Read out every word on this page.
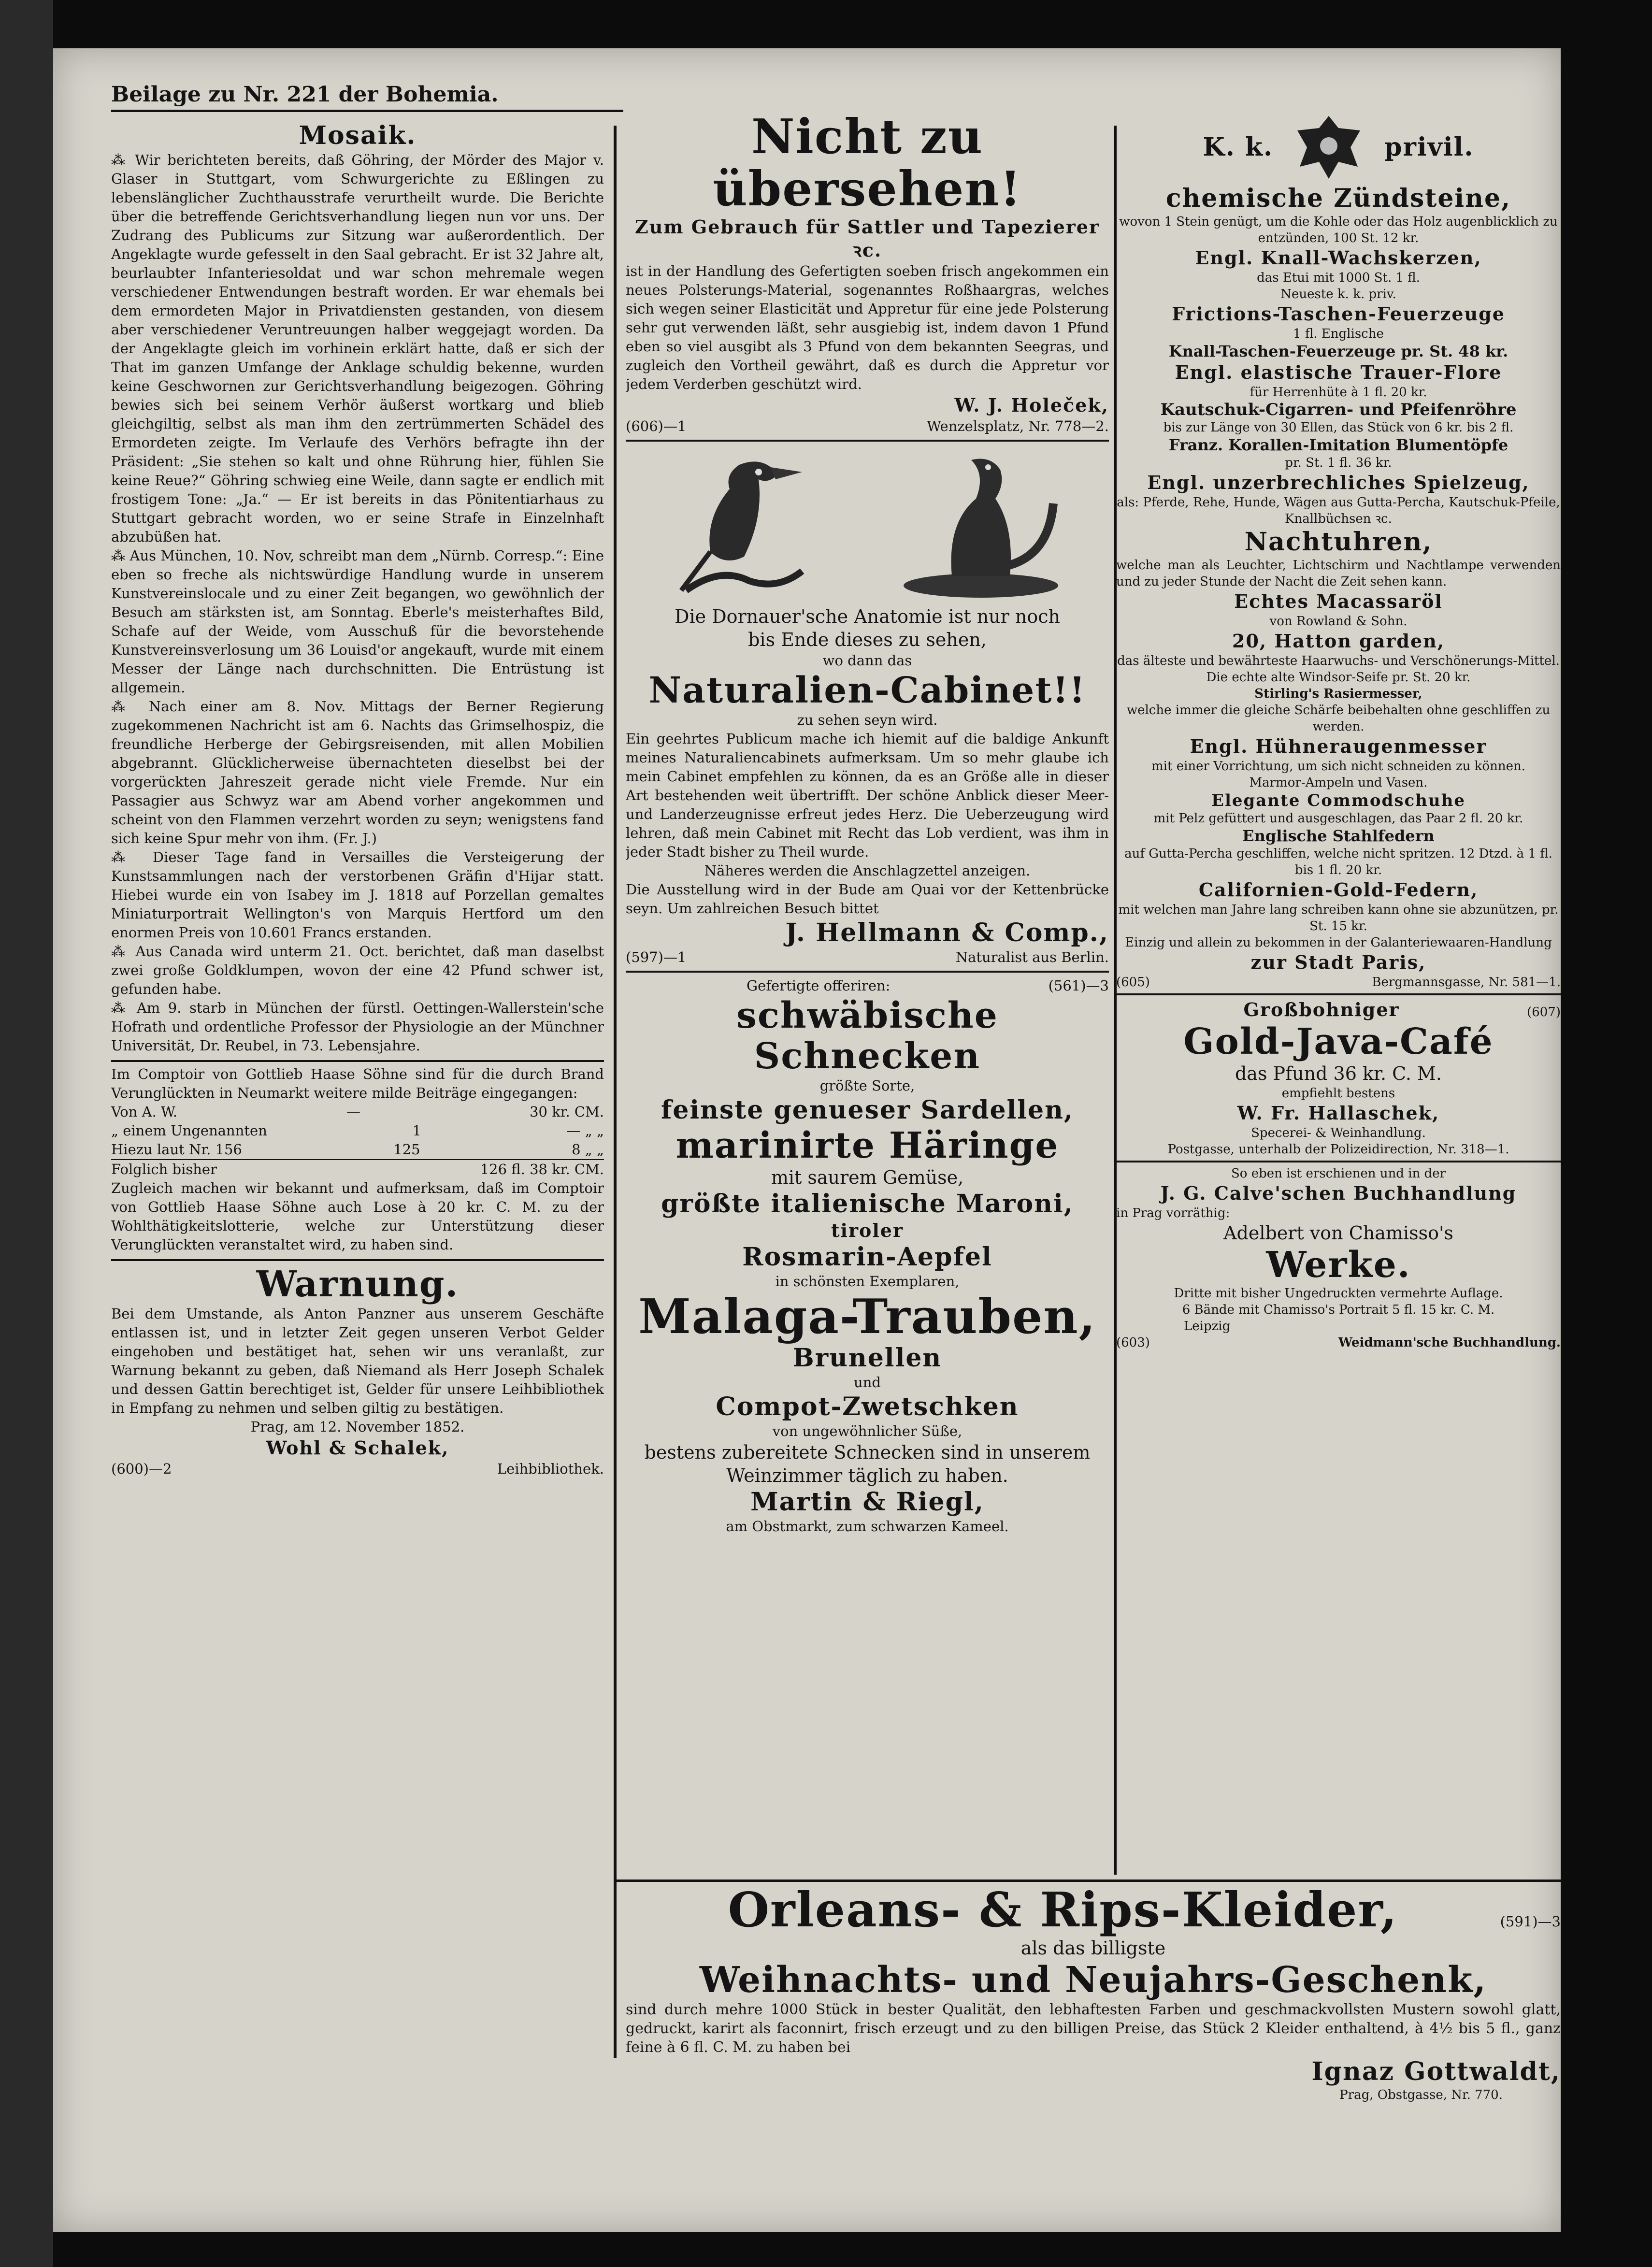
Beilage zu Nr. 221 der Bohemia.
Mosaik.

⁂ Wir berichteten bereits, daß Göhring, der Mörder des Major v. Glaser in Stuttgart, vom Schwurgerichte zu Eßlingen zu lebenslänglicher Zuchthausstrafe verurtheilt wurde. Die Berichte über die betreffende Gerichtsverhandlung liegen nun vor uns. Der Zudrang des Publicums zur Sitzung war außerordentlich. Der Angeklagte wurde gefesselt in den Saal gebracht. Er ist 32 Jahre alt, beurlaubter Infanteriesoldat und war schon mehremale wegen verschiedener Entwendungen bestraft worden. Er war ehemals bei dem ermordeten Major in Privatdiensten gestanden, von diesem aber verschiedener Veruntreuungen halber weggejagt worden. Da der Angeklagte gleich im vorhinein erklärt hatte, daß er sich der That im ganzen Umfange der Anklage schuldig bekenne, wurden keine Geschwornen zur Gerichtsverhandlung beigezogen. Göhring bewies sich bei seinem Verhör äußerst wortkarg und blieb gleichgiltig, selbst als man ihm den zertrümmerten Schädel des Ermordeten zeigte. Im Verlaufe des Verhörs befragte ihn der Präsident: „Sie stehen so kalt und ohne Rührung hier, fühlen Sie keine Reue?“ Göhring schwieg eine Weile, dann sagte er endlich mit frostigem Tone: „Ja.“ — Er ist bereits in das Pönitentiarhaus zu Stuttgart gebracht worden, wo er seine Strafe in Einzelnhaft abzubüßen hat.

⁂ Aus München, 10. Nov, schreibt man dem „Nürnb. Corresp.“: Eine eben so freche als nichtswürdige Handlung wurde in unserem Kunstvereinslocale und zu einer Zeit begangen, wo gewöhnlich der Besuch am stärksten ist, am Sonntag. Eberle's meisterhaftes Bild, Schafe auf der Weide, vom Ausschuß für die bevorstehende Kunstvereinsverlosung um 36 Louisd'or angekauft, wurde mit einem Messer der Länge nach durchschnitten. Die Entrüstung ist allgemein.

⁂ Nach einer am 8. Nov. Mittags der Berner Regierung zugekommenen Nachricht ist am 6. Nachts das Grimselhospiz, die freundliche Herberge der Gebirgsreisenden, mit allen Mobilien abgebrannt. Glücklicherweise übernachteten dieselbst bei der vorgerückten Jahreszeit gerade nicht viele Fremde. Nur ein Passagier aus Schwyz war am Abend vorher angekommen und scheint von den Flammen verzehrt worden zu seyn; wenigstens fand sich keine Spur mehr von ihm. (Fr. J.)

⁂ Dieser Tage fand in Versailles die Versteigerung der Kunstsammlungen nach der verstorbenen Gräfin d'Hijar statt. Hiebei wurde ein von Isabey im J. 1818 auf Porzellan gemaltes Miniaturportrait Wellington's von Marquis Hertford um den enormen Preis von 10.601 Francs erstanden.

⁂ Aus Canada wird unterm 21. Oct. berichtet, daß man daselbst zwei große Goldklumpen, wovon der eine 42 Pfund schwer ist, gefunden habe.

⁂ Am 9. starb in München der fürstl. Oettingen-Wallerstein'sche Hofrath und ordentliche Professor der Physiologie an der Münchner Universität, Dr. Reubel, in 73. Lebensjahre.

Im Comptoir von Gottlieb Haase Söhne sind für die durch Brand Verunglückten in Neumarkt weitere milde Beiträge eingegangen:

Von A. W.	—	30 kr. CM.
„ einem Ungenannten	1	— „ „
Hiezu laut Nr. 156	125	8 „ „
Folglich bisher	126 fl. 38 kr. CM.

Zugleich machen wir bekannt und aufmerksam, daß im Comptoir von Gottlieb Haase Söhne auch Lose à 20 kr. C. M. zu der Wohlthätigkeitslotterie, welche zur Unterstützung dieser Verunglückten veranstaltet wird, zu haben sind.

Warnung.

Bei dem Umstande, als Anton Panzner aus unserem Geschäfte entlassen ist, und in letzter Zeit gegen unseren Verbot Gelder eingehoben und bestätiget hat, sehen wir uns veranlaßt, zur Warnung bekannt zu geben, daß Niemand als Herr Joseph Schalek und dessen Gattin berechtiget ist, Gelder für unsere Leihbibliothek in Empfang zu nehmen und selben giltig zu bestätigen.

Prag, am 12. November 1852.

Wohl & Schalek,
(600)—2	Leihbibliothek.
Nicht zu übersehen!
Zum Gebrauch für Sattler und Tapezierer ꝛc.

ist in der Handlung des Gefertigten soeben frisch angekommen ein neues Polsterungs-Material, sogenanntes Roßhaargras, welches sich wegen seiner Elasticität und Appretur für eine jede Polsterung sehr gut verwenden läßt, sehr ausgiebig ist, indem davon 1 Pfund eben so viel ausgibt als 3 Pfund von dem bekannten Seegras, und zugleich den Vortheil gewährt, daß es durch die Appretur vor jedem Verderben geschützt wird.

W. J. Holeček,
(606)—1	Wenzelsplatz, Nr. 778—2.

Die Dornauer'sche Anatomie ist nur noch

bis Ende dieses zu sehen,

wo dann das

Naturalien-Cabinet!!

zu sehen seyn wird.

Ein geehrtes Publicum mache ich hiemit auf die baldige Ankunft meines Naturaliencabinets aufmerksam. Um so mehr glaube ich mein Cabinet empfehlen zu können, da es an Größe alle in dieser Art bestehenden weit übertrifft. Der schöne Anblick dieser Meer- und Landerzeugnisse erfreut jedes Herz. Die Ueberzeugung wird lehren, daß mein Cabinet mit Recht das Lob verdient, was ihm in jeder Stadt bisher zu Theil wurde.

Näheres werden die Anschlagzettel anzeigen.

Die Ausstellung wird in der Bude am Quai vor der Kettenbrücke seyn. Um zahlreichen Besuch bittet

J. Hellmann & Comp.,
(597)—1	Naturalist aus Berlin.
Gefertigte offeriren:	(561)—3
schwäbische Schnecken

größte Sorte,

feinste genueser Sardellen,
marinirte Häringe

mit saurem Gemüse,

größte italienische Maroni,
tiroler
Rosmarin-Aepfel

in schönsten Exemplaren,

Malaga-Trauben,
Brunellen

und

Compot-Zwetschken

von ungewöhnlicher Süße,

bestens zubereitete Schnecken sind in unserem Weinzimmer täglich zu haben.

Martin & Riegl,

am Obstmarkt, zum schwarzen Kameel.

K. k.	privil.
chemische Zündsteine,

wovon 1 Stein genügt, um die Kohle oder das Holz augenblicklich zu entzünden, 100 St. 12 kr.

Engl. Knall-Wachskerzen,

das Etui mit 1000 St. 1 fl.

Neueste k. k. priv.

Frictions-Taschen-Feuerzeuge

1 fl. Englische

Knall-Taschen-Feuerzeuge pr. St. 48 kr.
Engl. elastische Trauer-Flore

für Herrenhüte à 1 fl. 20 kr.

Kautschuk-Cigarren- und Pfeifenröhre

bis zur Länge von 30 Ellen, das Stück von 6 kr. bis 2 fl.

Franz. Korallen-Imitation Blumentöpfe

pr. St. 1 fl. 36 kr.

Engl. unzerbrechliches Spielzeug,

als: Pferde, Rehe, Hunde, Wägen aus Gutta-Percha, Kautschuk-Pfeile, Knallbüchsen ꝛc.

Nachtuhren,

welche man als Leuchter, Lichtschirm und Nachtlampe verwenden und zu jeder Stunde der Nacht die Zeit sehen kann.

Echtes Macassaröl

von Rowland & Sohn.

20, Hatton garden,

das älteste und bewährteste Haarwuchs- und Verschönerungs-Mittel.

Die echte alte Windsor-Seife pr. St. 20 kr.

Stirling's Rasiermesser,

welche immer die gleiche Schärfe beibehalten ohne geschliffen zu werden.

Engl. Hühneraugenmesser

mit einer Vorrichtung, um sich nicht schneiden zu können.

Marmor-Ampeln und Vasen.

Elegante Commodschuhe

mit Pelz gefüttert und ausgeschlagen, das Paar 2 fl. 20 kr.

Englische Stahlfedern

auf Gutta-Percha geschliffen, welche nicht spritzen. 12 Dtzd. à 1 fl. bis 1 fl. 20 kr.

Californien-Gold-Federn,

mit welchen man Jahre lang schreiben kann ohne sie abzunützen, pr. St. 15 kr.

Einzig und allein zu bekommen in der Galanteriewaaren-Handlung

zur Stadt Paris,
(605)	Bergmannsgasse, Nr. 581—1.
Großbohniger	(607)
Gold-Java-Café

das Pfund 36 kr. C. M.

empfiehlt bestens

W. Fr. Hallaschek,

Specerei- & Weinhandlung.

Postgasse, unterhalb der Polizeidirection, Nr. 318—1.

So eben ist erschienen und in der

J. G. Calve'schen Buchhandlung

in Prag vorräthig:

Adelbert von Chamisso's

Werke.

Dritte mit bisher Ungedruckten vermehrte Auflage.

6 Bände mit Chamisso's Portrait 5 fl. 15 kr. C. M.

Leipzig

(603)	Weidmann'sche Buchhandlung.
Orleans- & Rips-Kleider,	(591)—3

als das billigste

Weihnachts- und Neujahrs-Geschenk,

sind durch mehre 1000 Stück in bester Qualität, den lebhaftesten Farben und geschmackvollsten Mustern sowohl glatt, gedruckt, karirt als faconnirt, frisch erzeugt und zu den billigen Preise, das Stück 2 Kleider enthaltend, à 4½ bis 5 fl., ganz feine à 6 fl. C. M. zu haben bei

Ignaz Gottwaldt,

Prag, Obstgasse, Nr. 770.
